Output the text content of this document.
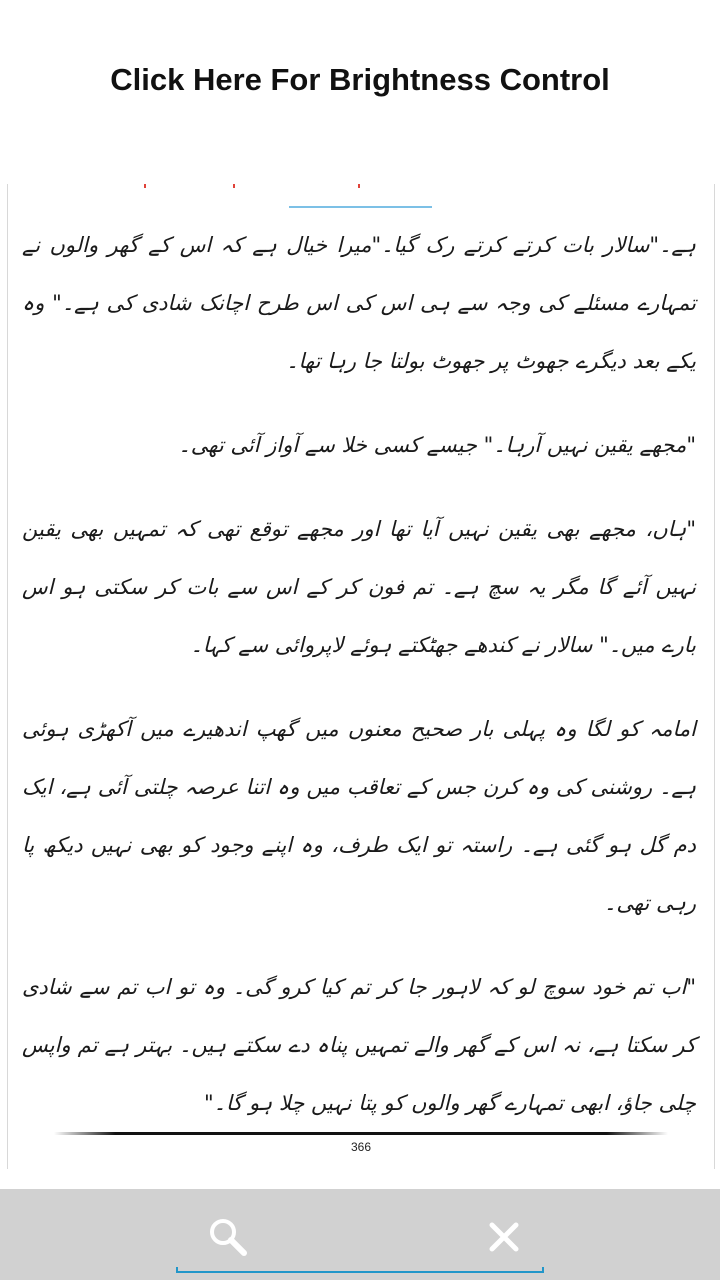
Click Here For Brightness Control

ہے۔"سالار بات کرتے کرتے رک گیا۔"میرا خیال ہے کہ اس کے گھر والوں نے تمہارے مسئلے کی وجہ سے ہی اس کی اس طرح اچانک شادی کی ہے۔" وہ یکے بعد دیگرے جھوٹ پر جھوٹ بولتا جا رہا تھا۔

"مجھے یقین نہیں آرہا۔" جیسے کسی خلا سے آواز آئی تھی۔

"ہاں، مجھے بھی یقین نہیں آیا تھا اور مجھے توقع تھی کہ تمہیں بھی یقین نہیں آئے گا مگر یہ سچ ہے۔ تم فون کر کے اس سے بات کر سکتی ہو اس بارے میں۔" سالار نے کندھے جھٹکتے ہوئے لاپروائی سے کہا۔

امامہ کو لگا وہ پہلی بار صحیح معنوں میں گھپ اندھیرے میں آکھڑی ہوئی ہے۔ روشنی کی وہ کرن جس کے تعاقب میں وہ اتنا عرصہ چلتی آئی ہے، ایک دم گل ہو گئی ہے۔ راستہ تو ایک طرف، وہ اپنے وجود کو بھی نہیں دیکھ پا رہی تھی۔

"اب تم خود سوچ لو کہ لاہور جا کر تم کیا کرو گی۔ وہ تو اب تم سے شادی کر سکتا ہے، نہ اس کے گھر والے تمہیں پناہ دے سکتے ہیں۔ بہتر ہے تم واپس چلی جاؤ، ابھی تمہارے گھر والوں کو پتا نہیں چلا ہو گا۔"

366
